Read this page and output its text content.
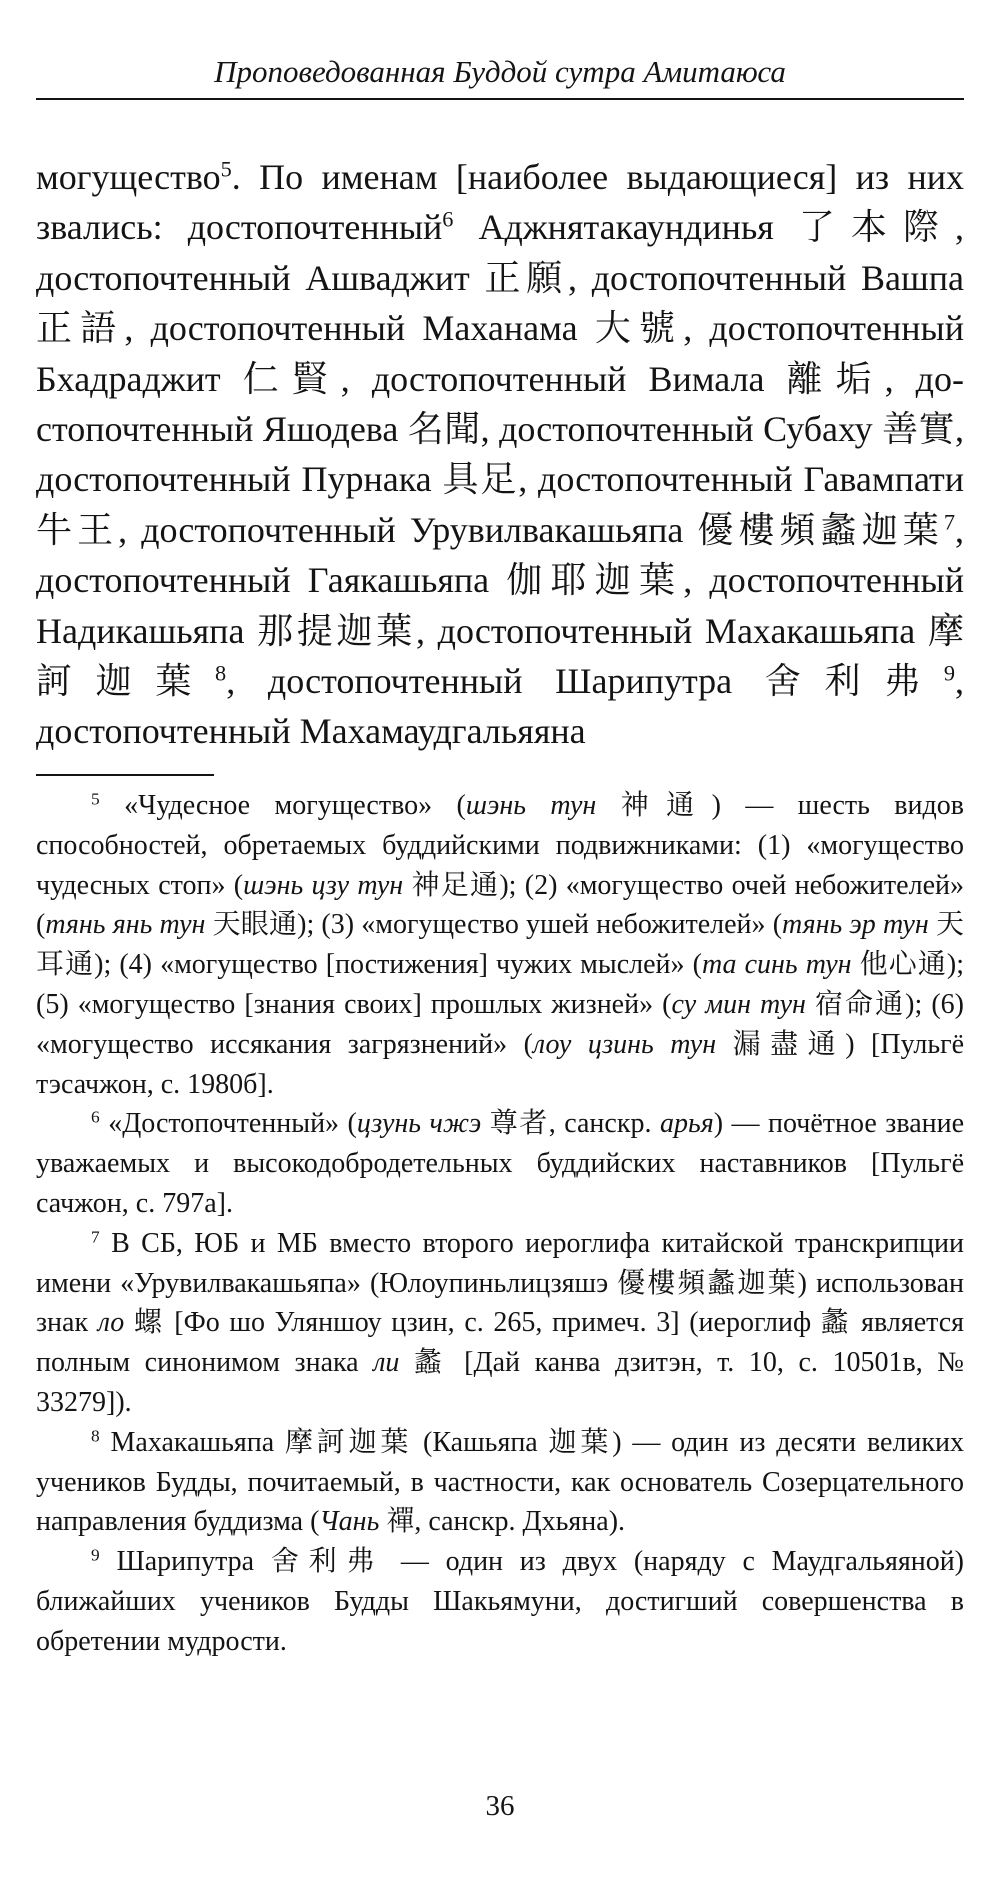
Проповедованная Буддой сутра Амитаюса
могущество$^5$. По именам [наиболее выдающиеся] из них звались: достопочтенный$^6$ Аджнятакаундинья 了本際, достопочтенный Ашваджит 正願, достопочтенный Вашпа 正語, достопочтенный Маханама 大號, достопочтенный Бхадраджит 仁賢, достопочтенный Вимала 離垢, достопочтенный Яшодева 名聞, достопочтенный Субаху 善實, достопочтенный Пурнака 具足, достопочтенный Гавампати 牛王, достопочтенный Урувилвакашьяпа 優樓頻蠡迦葉$^7$, достопочтенный Гаякашьяпа 伽耶迦葉, достопочтенный Надикашьяпа 那提迦葉, достопочтенный Махакашьяпа 摩訶迦葉$^8$, достопочтенный Шарипутра 舍利弗$^9$, достопочтенный Махамаудгальяяна

$^5$ «Чудесное могущество» (шэнь тун 神通) — шесть видов способностей, обретаемых буддийскими подвижниками: (1) «могущество чудесных стоп» (шэнь цзу тун 神足通); (2) «могущество очей небожителей» (тянь янь тун 天眼通); (3) «могущество ушей небожителей» (тянь эр тун 天耳通); (4) «могущество [постижения] чужих мыслей» (та синь тун 他心通); (5) «могущество [знания своих] прошлых жизней» (су мин тун 宿命通); (6) «могущество иссякания загрязнений» (лоу цзинь тун 漏盡通) [Пульгё тэсачжон, с. 1980б].

$^6$ «Достопочтенный» (цзунь чжэ 尊者, санскр. арья) — почётное звание уважаемых и высокодобродетельных буддийских наставников [Пульгё сачжон, с. 797а].

$^7$ В СБ, ЮБ и МБ вместо второго иероглифа китайской транскрипции имени «Урувилвакашьяпа» (Юлоупиньлицзяшэ 優樓頻蠡迦葉) использован знак ло 螺 [Фо шо Уляншоу цзин, с. 265, примеч. 3] (иероглиф 蠡 является полным синонимом знака ли 蠡 [Дай канва дзитэн, т. 10, с. 10501в, № 33279]).

$^8$ Махакашьяпа 摩訶迦葉 (Кашьяпа 迦葉) — один из десяти великих учеников Будды, почитаемый, в частности, как основатель Созерцательного направления буддизма (Чань 禪, санскр. Дхьяна).

$^9$ Шарипутра 舍利弗 — один из двух (наряду с Маудгальяяной) ближайших учеников Будды Шакьямуни, достигший совершенства в обретении мудрости.

36
